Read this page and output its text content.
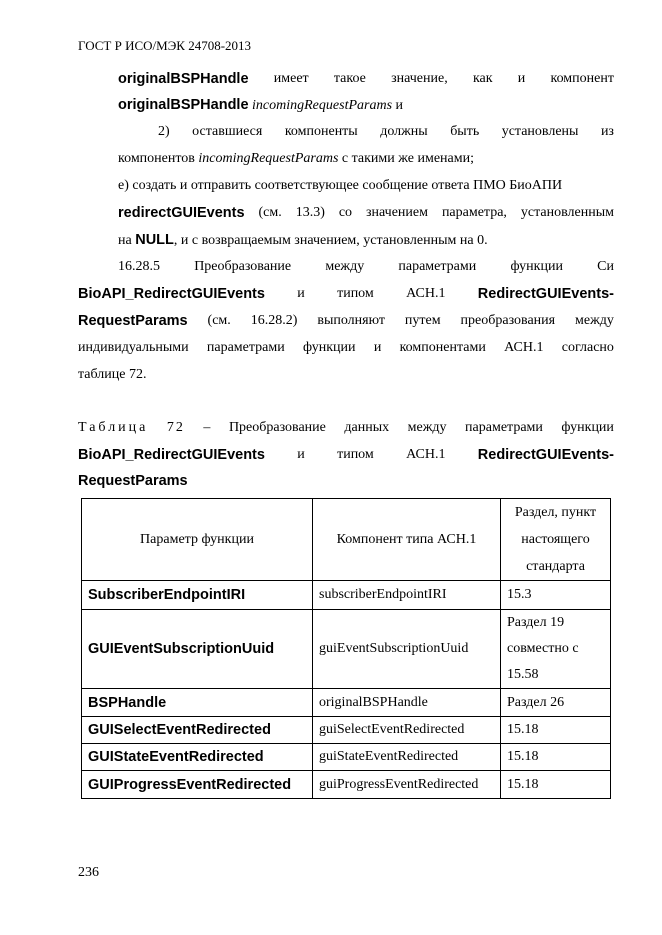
ГОСТ Р ИСО/МЭК 24708-2013
originalBSPHandle имеет такое значение, как и компонент
originalBSPHandle incomingRequestParams и
2) оставшиеся компоненты должны быть установлены из
компонентов incomingRequestParams с такими же именами;
е) создать и отправить соответствующее сообщение ответа ПМО БиоАПИ
redirectGUIEvents (см. 13.3) со значением параметра, установленным
на NULL, и с возвращаемым значением, установленным на 0.
16.28.5 Преобразование между параметрами функции Си
BioAPI_RedirectGUIEvents и типом АСН.1 RedirectGUIEvents-
RequestParams (см. 16.28.2) выполняют путем преобразования между
индивидуальными параметрами функции и компонентами АСН.1 согласно
таблице 72.
Таблица 72 – Преобразование данных между параметрами функции
BioAPI_RedirectGUIEvents и типом АСН.1 RedirectGUIEvents-
RequestParams
Параметр функции	Компонент типа АСН.1	Раздел, пункт настоящего стандарта
SubscriberEndpointIRI	subscriberEndpointIRI	15.3
GUIEventSubscriptionUuid	guiEventSubscriptionUuid	Раздел 19 совместно с 15.58
BSPHandle	originalBSPHandle	Раздел 26
GUISelectEventRedirected	guiSelectEventRedirected	15.18
GUIStateEventRedirected	guiStateEventRedirected	15.18
GUIProgressEventRedirected	guiProgressEventRedirected	15.18
236
